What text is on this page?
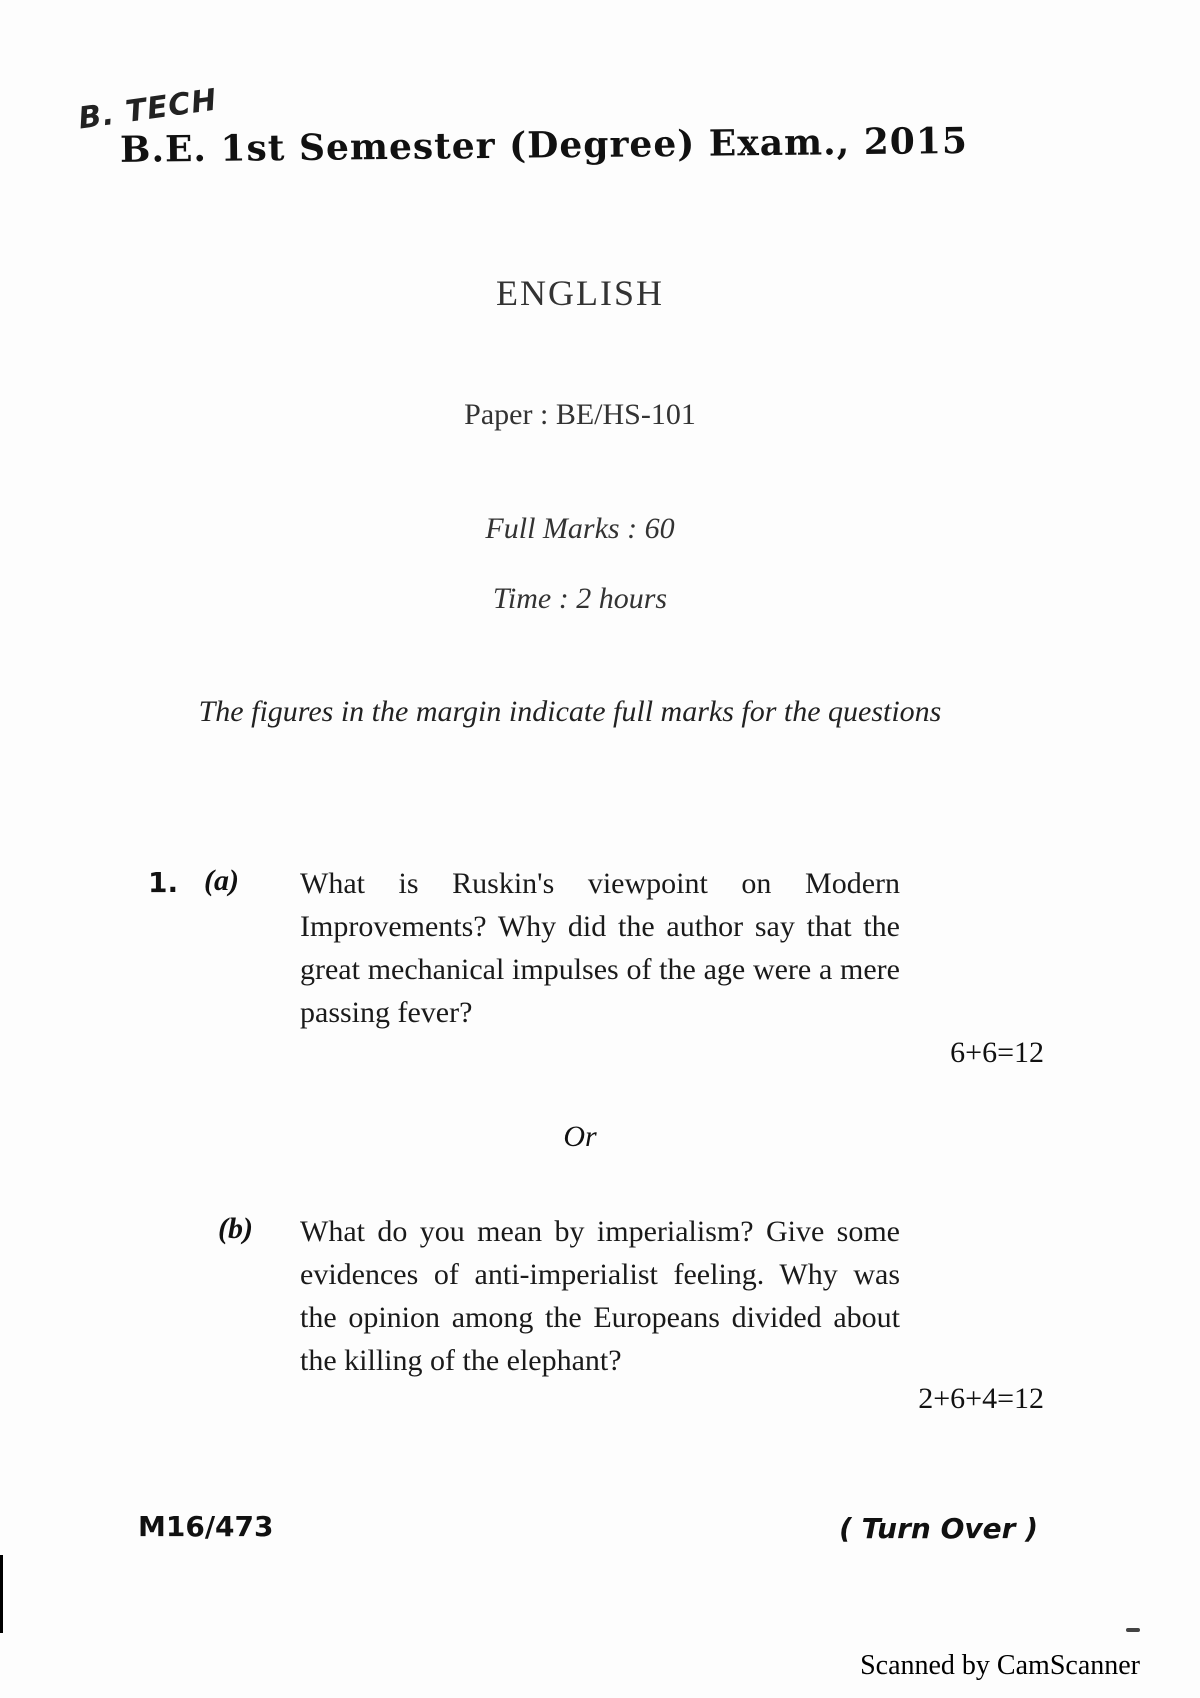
B. TECH
B.E. 1st Semester (Degree) Exam., 2015
ENGLISH
Paper : BE/HS-101
Full Marks : 60
Time : 2 hours
The figures in the margin indicate full marks for the questions
1. (a) What is Ruskin's viewpoint on Modern Improvements? Why did the author say that the great mechanical impulses of the age were a mere passing fever?
6+6=12
Or
(b) What do you mean by imperialism? Give some evidences of anti-imperialist feeling. Why was the opinion among the Europeans divided about the killing of the elephant?
2+6+4=12
M16/473	( Turn Over )
Scanned by CamScanner
